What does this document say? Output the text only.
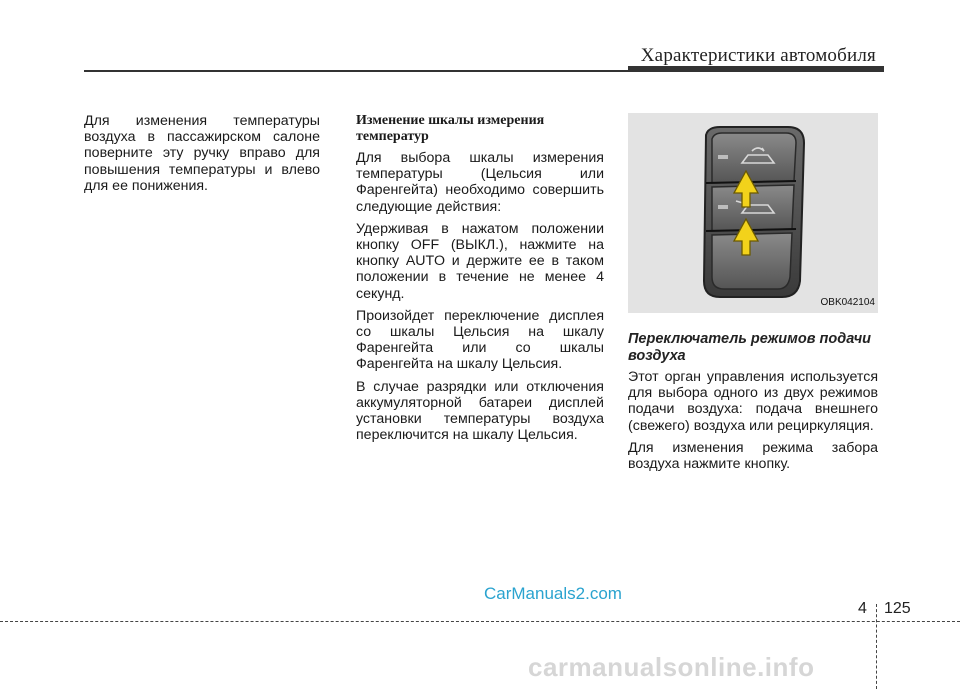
Характеристики автомобиля

Для изменения температуры воздуха в пассажирском салоне поверните эту ручку вправо для повышения температуры и влево для ее понижения.

Изменение шкалы измерения температур

Для выбора шкалы измерения температуры (Цельсия или Фаренгейта) необходимо совершить следующие действия:

Удерживая в нажатом положении кнопку OFF (ВЫКЛ.), нажмите на кнопку AUTO и держите ее в таком положении в течение не менее 4 секунд.

Произойдет переключение дисплея со шкалы Цельсия на шкалу Фаренгейта или со шкалы Фаренгейта на шкалу Цельсия.

В случае разрядки или отключения аккумуляторной батареи дисплей установки температуры воздуха переключится на шкалу Цельсия.

OBK042104
Переключатель режимов подачи воздуха

Этот орган управления используется для выбора одного из двух режимов подачи воздуха: подача внешнего (свежего) воздуха или рециркуляция.

Для изменения режима забора воздуха нажмите кнопку.

CarManuals2.com
4 125
carmanualsonline.info
